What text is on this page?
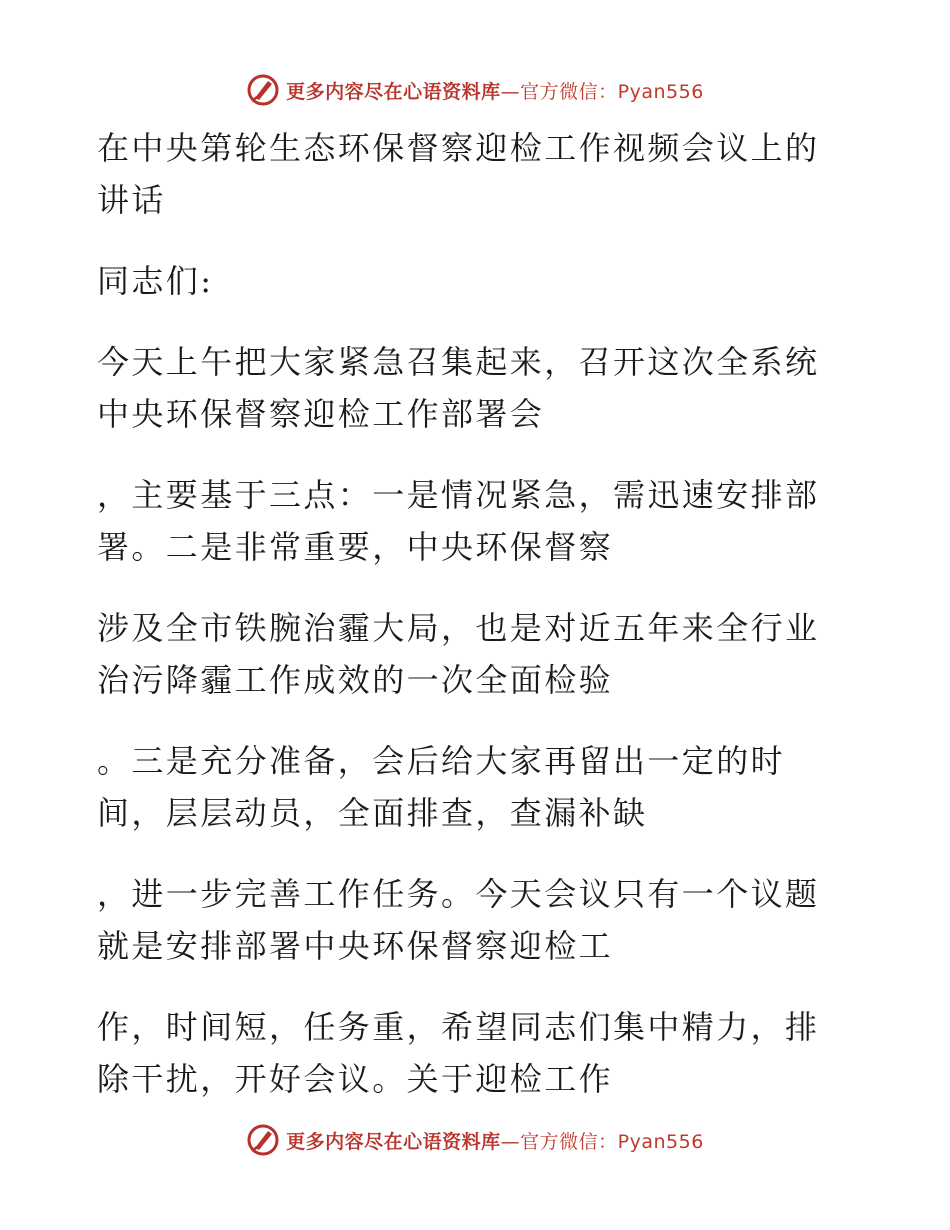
更多内容尽在心语资料库—官方微信：Pyan556

在中央第轮生态环保督察迎检工作视频会议上的

讲话

同志们:

今天上午把大家紧急召集起来，召开这次全系统

中央环保督察迎检工作部署会

，主要基于三点：一是情况紧急，需迅速安排部

署。二是非常重要，中央环保督察

涉及全市铁腕治霾大局，也是对近五年来全行业

治污降霾工作成效的一次全面检验

。三是充分准备，会后给大家再留出一定的时

间，层层动员，全面排查，查漏补缺

，进一步完善工作任务。今天会议只有一个议题

就是安排部署中央环保督察迎检工

作，时间短，任务重，希望同志们集中精力，排

除干扰，开好会议。关于迎检工作

更多内容尽在心语资料库—官方微信：Pyan556
